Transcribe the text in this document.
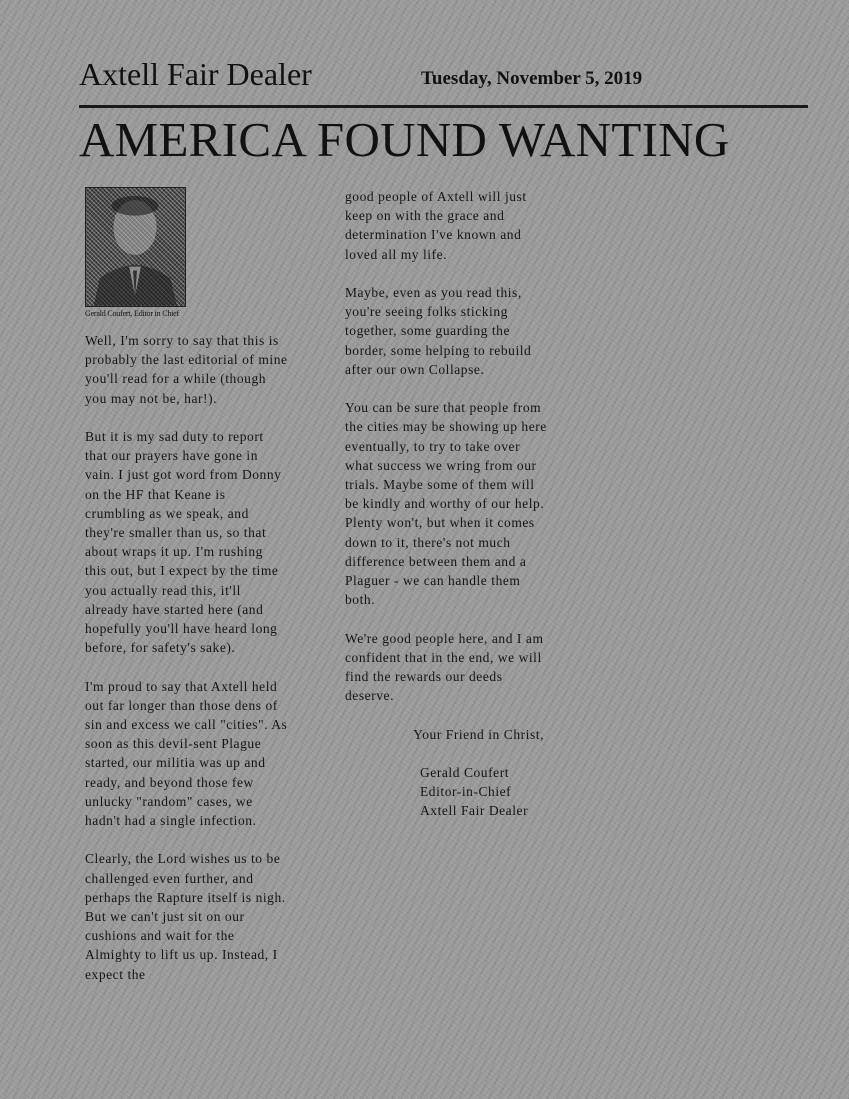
Axtell Fair Dealer	Tuesday, November 5, 2019
AMERICA FOUND WANTING
Gerald Coufert, Editor in Chief

Well, I'm sorry to say that this is probably the last editorial of mine you'll read for a while (though you may not be, har!).

But it is my sad duty to report that our prayers have gone in vain. I just got word from Donny on the HF that Keane is crumbling as we speak, and they're smaller than us, so that about wraps it up. I'm rushing this out, but I expect by the time you actually read this, it'll already have started here (and hopefully you'll have heard long before, for safety's sake).

I'm proud to say that Axtell held out far longer than those dens of sin and excess we call "cities". As soon as this devil-sent Plague started, our militia was up and ready, and beyond those few unlucky "random" cases, we hadn't had a single infection.

Clearly, the Lord wishes us to be challenged even further, and perhaps the Rapture itself is nigh. But we can't just sit on our cushions and wait for the Almighty to lift us up. Instead, I expect the

good people of Axtell will just keep on with the grace and determination I've known and loved all my life.

Maybe, even as you read this, you're seeing folks sticking together, some guarding the border, some helping to rebuild after our own Collapse.

You can be sure that people from the cities may be showing up here eventually, to try to take over what success we wring from our trials. Maybe some of them will be kindly and worthy of our help. Plenty won't, but when it comes down to it, there's not much difference between them and a Plaguer - we can handle them both.

We're good people here, and I am confident that in the end, we will find the rewards our deeds deserve.

Your Friend in Christ,
Gerald Coufert
Editor-in-Chief
Axtell Fair Dealer
